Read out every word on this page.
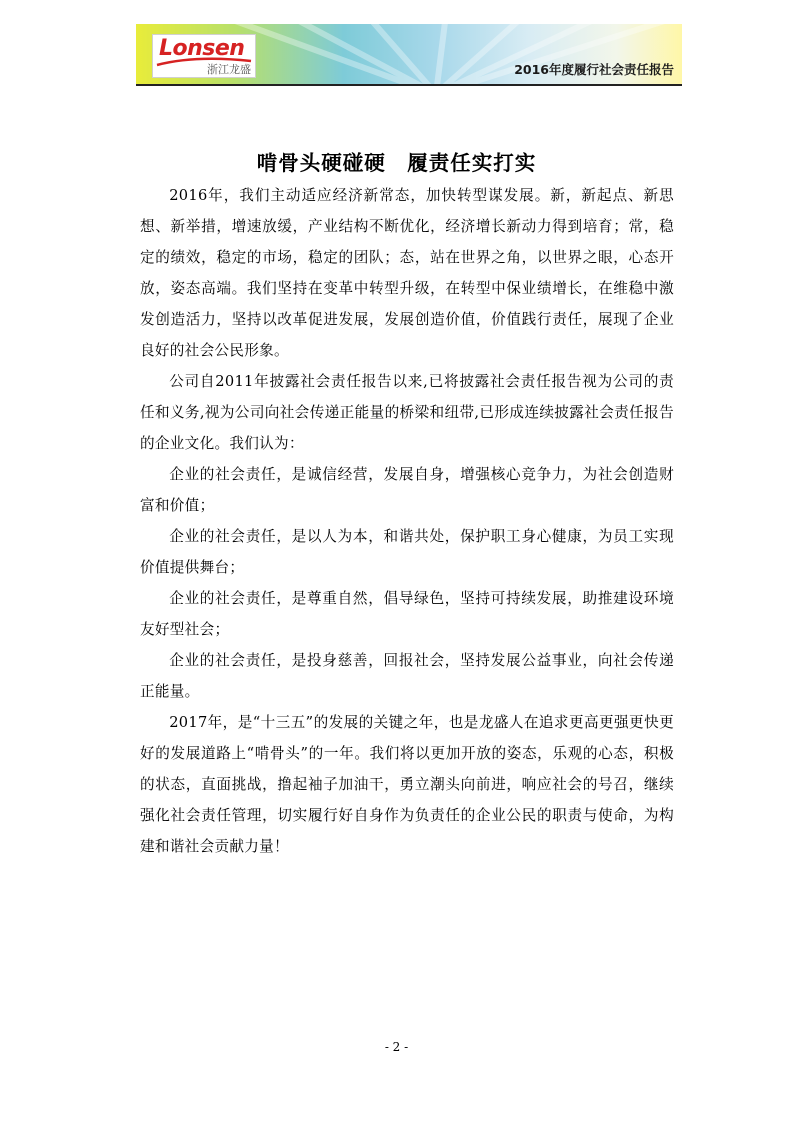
Lonsen
浙江龙盛	2016年度履行社会责任报告
啃骨头硬碰硬　履责任实打实

2016年，我们主动适应经济新常态，加快转型谋发展。新，新起点、新思想、新举措，增速放缓，产业结构不断优化，经济增长新动力得到培育；常，稳定的绩效，稳定的市场，稳定的团队；态，站在世界之角，以世界之眼，心态开放，姿态高端。我们坚持在变革中转型升级，在转型中保业绩增长，在维稳中激发创造活力，坚持以改革促进发展，发展创造价值，价值践行责任，展现了企业良好的社会公民形象。

公司自2011年披露社会责任报告以来,已将披露社会责任报告视为公司的责任和义务,视为公司向社会传递正能量的桥梁和纽带,已形成连续披露社会责任报告的企业文化。我们认为：

企业的社会责任，是诚信经营，发展自身，增强核心竞争力，为社会创造财富和价值；

企业的社会责任，是以人为本，和谐共处，保护职工身心健康，为员工实现价值提供舞台；

企业的社会责任，是尊重自然，倡导绿色，坚持可持续发展，助推建设环境友好型社会；

企业的社会责任，是投身慈善，回报社会，坚持发展公益事业，向社会传递正能量。

2017年，是“十三五”的发展的关键之年，也是龙盛人在追求更高更强更快更好的发展道路上“啃骨头”的一年。我们将以更加开放的姿态，乐观的心态，积极的状态，直面挑战，撸起袖子加油干，勇立潮头向前进，响应社会的号召，继续强化社会责任管理，切实履行好自身作为负责任的企业公民的职责与使命，为构建和谐社会贡献力量！

- 2 -
